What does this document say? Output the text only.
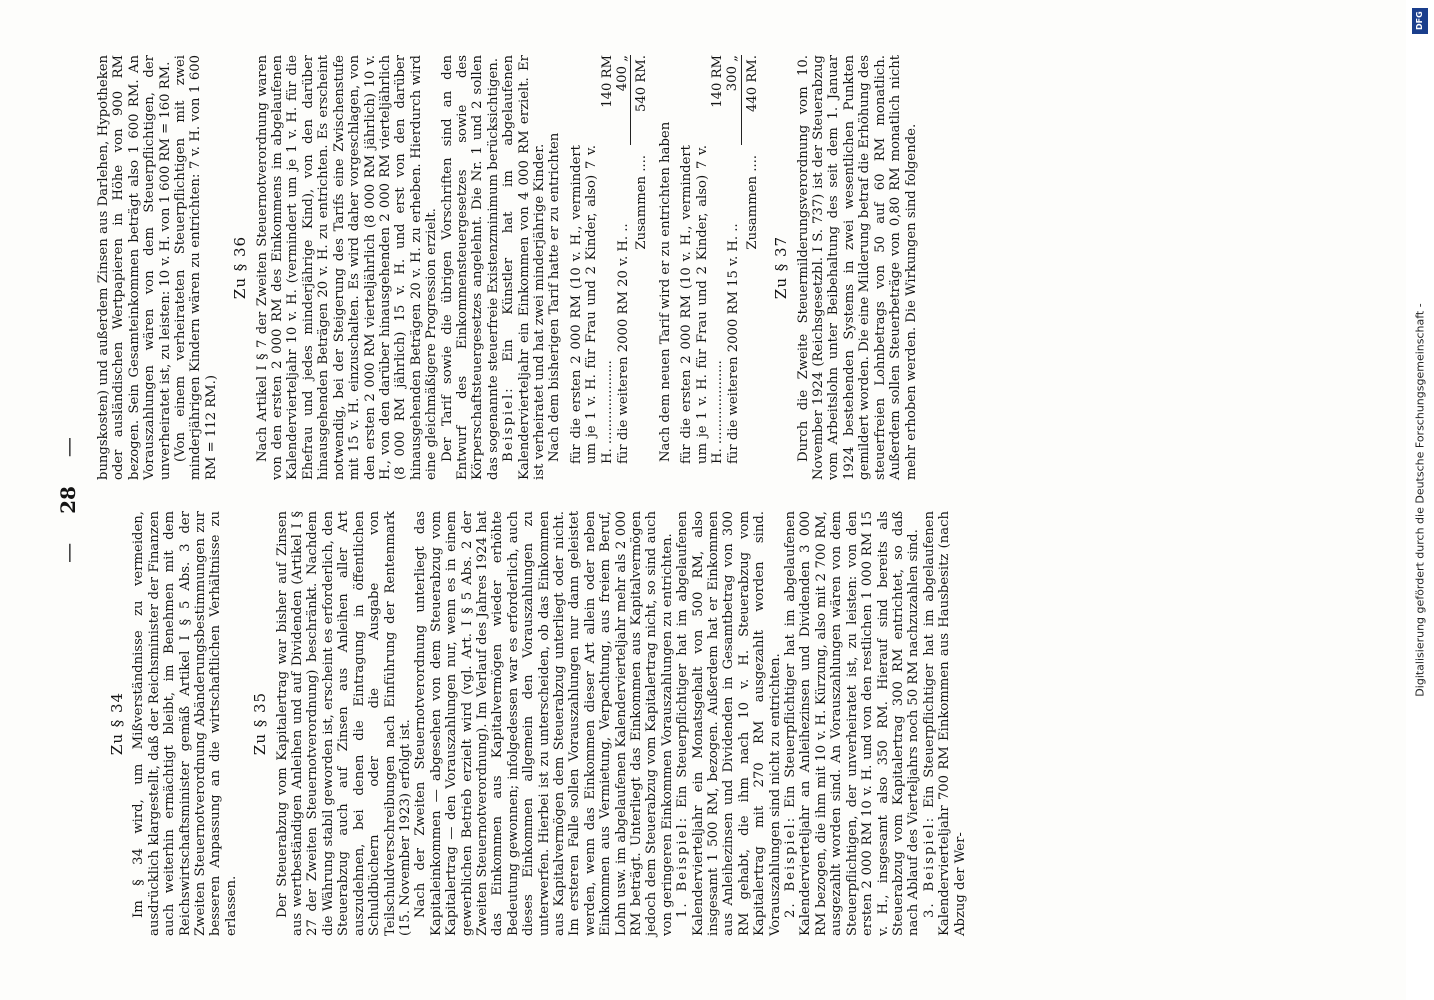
— 28 —
Zu § 34 Im § 34 wird, um Mißverständnisse zu vermeiden, ausdrücklich klargestellt, daß der Reichsminister der Finanzen auch weiterhin ermächtigt bleibt, im Benehmen mit dem Reichswirtschaftsminister gemäß Artikel I § 5 Abs. 3 der Zweiten Steuernotverordnung Abänderungsbestimmungen zur besseren Anpassung an die wirtschaftlichen Verhältnisse zu erlassen.

Zu § 35 Der Steuerabzug vom Kapitalertrag war bisher auf Zinsen aus wertbeständigen Anleihen und auf Dividenden (Artikel I § 27 der Zweiten Steuernotverordnung) beschränkt. Nachdem die Währung stabil geworden ist, erscheint es erforderlich, den Steuerabzug auch auf Zinsen aus Anleihen aller Art auszudehnen, bei denen die Eintragung in öffentlichen Schuldbüchern oder die Ausgabe von Teilschuldverschreibungen nach Einführung der Rentenmark (15. November 1923) erfolgt ist. Nach der Zweiten Steuernotverordnung unterliegt das Kapitaleinkommen — abgesehen von dem Steuerabzug vom Kapitalertrag — den Vorauszahlungen nur, wenn es in einem gewerblichen Betrieb erzielt wird (vgl. Art. I § 5 Abs. 2 der Zweiten Steuernotverordnung). Im Verlauf des Jahres 1924 hat das Einkommen aus Kapitalvermögen wieder erhöhte Bedeutung gewonnen; infolgedessen war es erforderlich, auch dieses Einkommen allgemein den Vorauszahlungen zu unterwerfen. Hierbei ist zu unterscheiden, ob das Einkommen aus Kapitalvermögen dem Steuerabzug unterliegt oder nicht. Im ersteren Falle sollen Vorauszahlungen nur dann geleistet werden, wenn das Einkommen dieser Art allein oder neben Einkommen aus Vermietung, Verpachtung, aus freiem Beruf, Lohn usw. im abgelaufenen Kalendervierteljahr mehr als 2 000 RM beträgt. Unterliegt das Einkommen aus Kapitalvermögen jedoch dem Steuerabzug vom Kapitalertrag nicht, so sind auch von geringeren Einkommen Vorauszahlungen zu entrichten. 1. Beispiel: Ein Steuerpflichtiger hat im abgelaufenen Kalendervierteljahr ein Monatsgehalt von 500 RM, also insgesamt 1 500 RM, bezogen. Außerdem hat er Einkommen aus Anleihezinsen und Dividenden in Gesamtbetrag von 300 RM gehabt, die ihm nach 10 v. H. Steuerabzug vom Kapitalertrag mit 270 RM ausgezahlt worden sind. Vorauszahlungen sind nicht zu entrichten. 2. Beispiel: Ein Steuerpflichtiger hat im abgelaufenen Kalendervierteljahr an Anleihezinsen und Dividenden 3 000 RM bezogen, die ihm mit 10 v. H. Kürzung, also mit 2 700 RM, ausgezahlt worden sind. An Vorauszahlungen wären von dem Steuerpflichtigen, der unverheiratet ist, zu leisten: von den ersten 2 000 RM 10 v. H. und von den restlichen 1 000 RM 15 v. H., insgesamt also 350 RM. Hierauf sind bereits als Steuerabzug vom Kapitalertrag 300 RM entrichtet, so daß nach Ablauf des Vierteljahrs noch 50 RM nachzuzahlen sind. 3. Beispiel: Ein Steuerpflichtiger hat im abgelaufenen Kalendervierteljahr 700 RM Einkommen aus Hausbesitz (nach Abzug der Wer-

bungskosten) und außerdem Zinsen aus Darlehen, Hypotheken oder ausländischen Wertpapieren in Höhe von 900 RM bezogen. Sein Gesamteinkommen beträgt also 1 600 RM. An Vorauszahlungen wären von dem Steuerpflichtigen, der unverheiratet ist, zu leisten: 10 v. H. von 1 600 RM = 160 RM. (Von einem verheirateten Steuerpflichtigen mit zwei minderjährigen Kindern wären zu entrichten: 7 v. H. von 1 600 RM = 112 RM.)

Zu § 36 Nach Artikel I § 7 der Zweiten Steuernotverordnung waren von den ersten 2 000 RM des Einkommens im abgelaufenen Kalendervierteljahr 10 v. H. (vermindert um je 1 v. H. für die Ehefrau und jedes minderjährige Kind), von den darüber hinausgehenden Beträgen 20 v. H. zu entrichten. Es erscheint notwendig, bei der Steigerung des Tarifs eine Zwischenstufe mit 15 v. H. einzuschalten. Es wird daher vorgeschlagen, von den ersten 2 000 RM vierteljährlich (8 000 RM jährlich) 10 v. H., von den darüber hinausgehenden 2 000 RM vierteljährlich (8 000 RM jährlich) 15 v. H. und erst von den darüber hinausgehenden Beträgen 20 v. H. zu erheben. Hierdurch wird eine gleichmäßigere Progression erzielt. Der Tarif sowie die übrigen Vorschriften sind an den Entwurf des Einkommensteuergesetzes sowie des Körperschaftsteuergesetzes angelehnt. Die Nr. 1 und 2 sollen das sogenannte steuerfreie Existenzminimum berücksichtigen. Beispiel: Ein Künstler hat im abgelaufenen Kalendervierteljahr ein Einkommen von 4 000 RM erzielt. Er ist verheiratet und hat zwei minderjährige Kinder. Nach dem bisherigen Tarif hatte er zu entrichten für die ersten 2 000 RM (10 v. H., vermindert um je 1 v. H. für Frau und 2 Kinder, also) 7 v. H. ....................
140 RM
für die weiteren 2000 RM 20 v. H. ..
400 „
Zusammen ....
540 RM.

Nach dem neuen Tarif wird er zu entrichten haben für die ersten 2 000 RM (10 v. H., vermindert um je 1 v. H. für Frau und 2 Kinder, also) 7 v. H. ....................
140 RM
für die weiteren 2000 RM 15 v. H. ..
300 „
Zusammen ....
440 RM.
Zu § 37 Durch die Zweite Steuermilderungsverordnung vom 10. November 1924 (Reichsgesetzbl. I S. 737) ist der Steuerabzug vom Arbeitslohn unter Beibehaltung des seit dem 1. Januar 1924 bestehenden Systems in zwei wesentlichen Punkten gemildert worden. Die eine Milderung betraf die Erhöhung des steuerfreien Lohnbetrags von 50 auf 60 RM monatlich. Außerdem sollen Steuerbeträge von 0,80 RM monatlich nicht mehr erhoben werden. Die Wirkungen sind folgende.

DFG
Digitalisierung gefördert durch die Deutsche Forschungsgemeinschaft -
